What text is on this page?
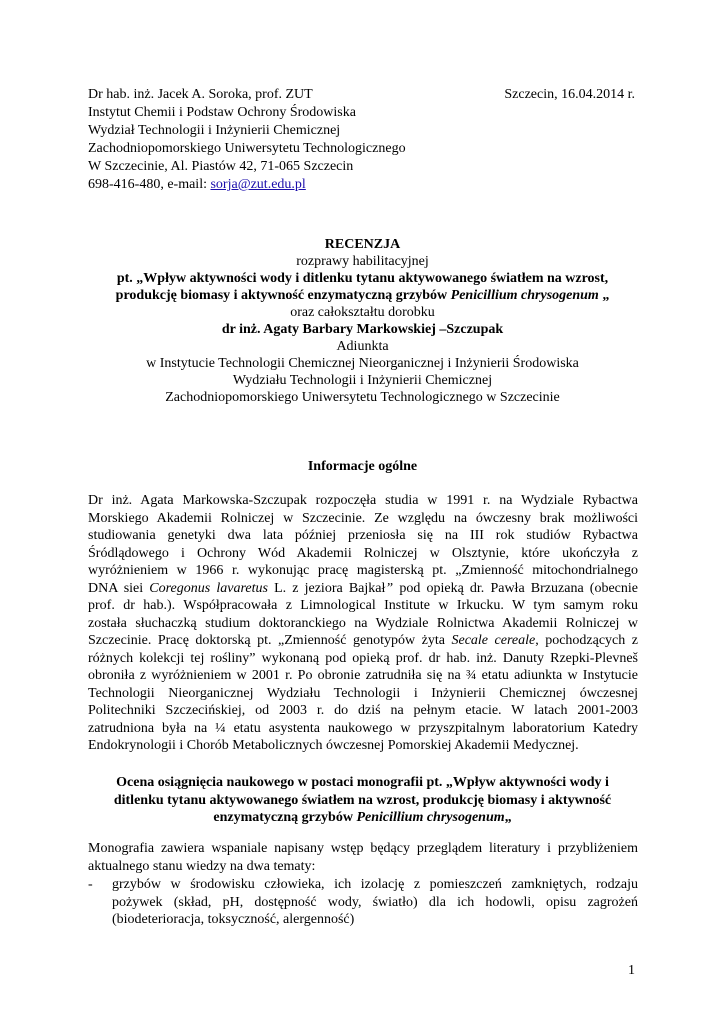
Dr hab. inż. Jacek A. Soroka, prof. ZUT
Instytut Chemii i Podstaw Ochrony Środowiska
Wydział Technologii i Inżynierii Chemicznej
Zachodniopomorskiego Uniwersytetu Technologicznego
W Szczecinie, Al. Piastów 42, 71-065 Szczecin
698-416-480, e-mail: sorja@zut.edu.pl
Szczecin, 16.04.2014 r.
RECENZJA
rozprawy habilitacyjnej
pt. „Wpływ aktywności wody i ditlenku tytanu aktywowanego światłem na wzrost,
produkcję biomasy i aktywność enzymatyczną grzybów Penicillium chrysogenum „
oraz całokształtu dorobku
dr inż. Agaty Barbary Markowskiej –Szczupak
Adiunkta
w Instytucie Technologii Chemicznej Nieorganicznej i Inżynierii Środowiska
Wydziału Technologii i Inżynierii Chemicznej
Zachodniopomorskiego Uniwersytetu Technologicznego w Szczecinie
Informacje ogólne
Dr inż. Agata Markowska-Szczupak rozpoczęła studia w 1991 r. na Wydziale Rybactwa
Morskiego Akademii Rolniczej w Szczecinie. Ze względu na ówczesny brak możliwości
studiowania genetyki dwa lata później przeniosła się na III rok studiów Rybactwa
Śródlądowego i Ochrony Wód Akademii Rolniczej w Olsztynie, które ukończyła z
wyróżnieniem w 1966 r. wykonując pracę magisterską pt. „Zmienność mitochondrialnego
DNA siei Coregonus lavaretus L. z jeziora Bajkał” pod opieką dr. Pawła Brzuzana (obecnie
prof. dr hab.). Współpracowała z Limnological Institute w Irkucku. W tym samym roku
została słuchaczką studium doktoranckiego na Wydziale Rolnictwa Akademii Rolniczej w
Szczecinie. Pracę doktorską pt. „Zmienność genotypów żyta Secale cereale, pochodzących z
różnych kolekcji tej rośliny” wykonaną pod opieką prof. dr hab. inż. Danuty Rzepki-Plevneš
obroniła z wyróżnieniem w 2001 r. Po obronie zatrudniła się na ¾ etatu adiunkta w Instytucie
Technologii Nieorganicznej Wydziału Technologii i Inżynierii Chemicznej ówczesnej
Politechniki Szczecińskiej, od 2003 r. do dziś na pełnym etacie. W latach 2001-2003
zatrudniona była na ¼ etatu asystenta naukowego w przyszpitalnym laboratorium Katedry
Endokrynologii i Chorób Metabolicznych ówczesnej Pomorskiej Akademii Medycznej.
Ocena osiągnięcia naukowego w postaci monografii pt. „Wpływ aktywności wody i
ditlenku tytanu aktywowanego światłem na wzrost, produkcję biomasy i aktywność
enzymatyczną grzybów Penicillium chrysogenum„
Monografia zawiera wspaniale napisany wstęp będący przeglądem literatury i przybliżeniem
aktualnego stanu wiedzy na dwa tematy:
- grzybów w środowisku człowieka, ich izolację z pomieszczeń zamkniętych, rodzaju
pożywek (skład, pH, dostępność wody, światło) dla ich hodowli, opisu zagrożeń
(biodeterioracja, toksyczność, alergenność)
1
